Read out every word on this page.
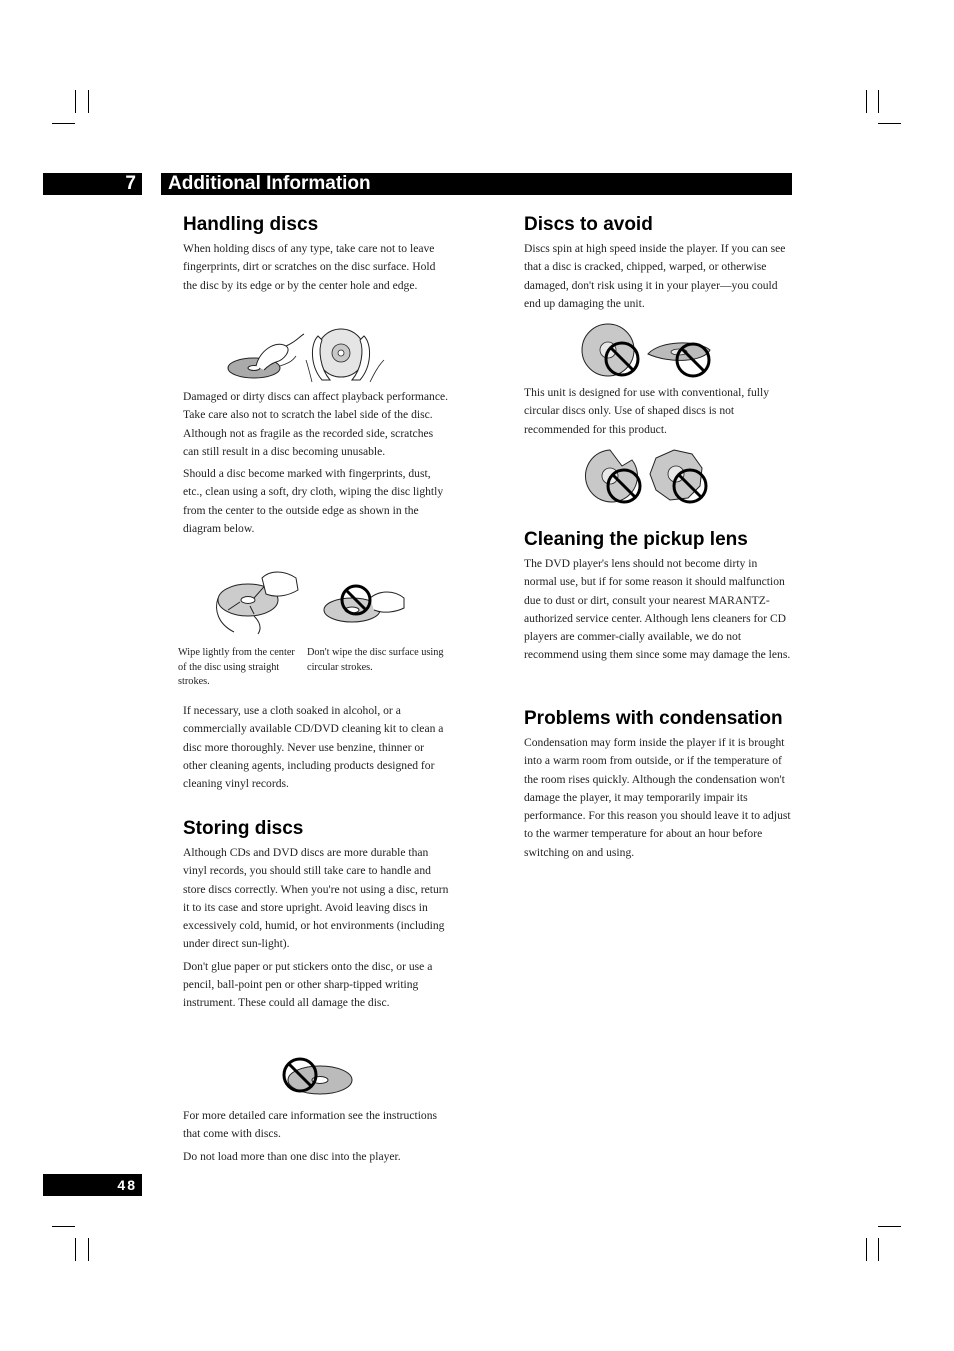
7	Additional Information
Handling discs

When holding discs of any type, take care not to leave fingerprints, dirt or scratches on the disc surface. Hold the disc by its edge or by the center hole and edge.

Damaged or dirty discs can affect playback performance. Take care also not to scratch the label side of the disc. Although not as fragile as the recorded side, scratches can still result in a disc becoming unusable.

Should a disc become marked with fingerprints, dust, etc., clean using a soft, dry cloth, wiping the disc lightly from the center to the outside edge as shown in the diagram below.

Wipe lightly from the center of the disc using straight strokes.

Don't wipe the disc surface using circular strokes.

If necessary, use a cloth soaked in alcohol, or a commercially available CD/DVD cleaning kit to clean a disc more thoroughly. Never use benzine, thinner or other cleaning agents, including products designed for cleaning vinyl records.

Storing discs

Although CDs and DVD discs are more durable than vinyl records, you should still take care to handle and store discs correctly. When you're not using a disc, return it to its case and store upright. Avoid leaving discs in excessively cold, humid, or hot environments (including under direct sun-light).

Don't glue paper or put stickers onto the disc, or use a pencil, ball-point pen or other sharp-tipped writing instrument. These could all damage the disc.

For more detailed care information see the instructions that come with discs.

Do not load more than one disc into the player.

Discs to avoid

Discs spin at high speed inside the player. If you can see that a disc is cracked, chipped, warped, or otherwise damaged, don't risk using it in your player—you could end up damaging the unit.

This unit is designed for use with conventional, fully circular discs only. Use of shaped discs is not recommended for this product.

Cleaning the pickup lens

The DVD player's lens should not become dirty in normal use, but if for some reason it should malfunction due to dust or dirt, consult your nearest MARANTZ-authorized service center. Although lens cleaners for CD players are commer-cially available, we do not recommend using them since some may damage the lens.

Problems with condensation

Condensation may form inside the player if it is brought into a warm room from outside, or if the temperature of the room rises quickly. Although the condensation won't damage the player, it may temporarily impair its performance. For this reason you should leave it to adjust to the warmer temperature for about an hour before switching on and using.

48
